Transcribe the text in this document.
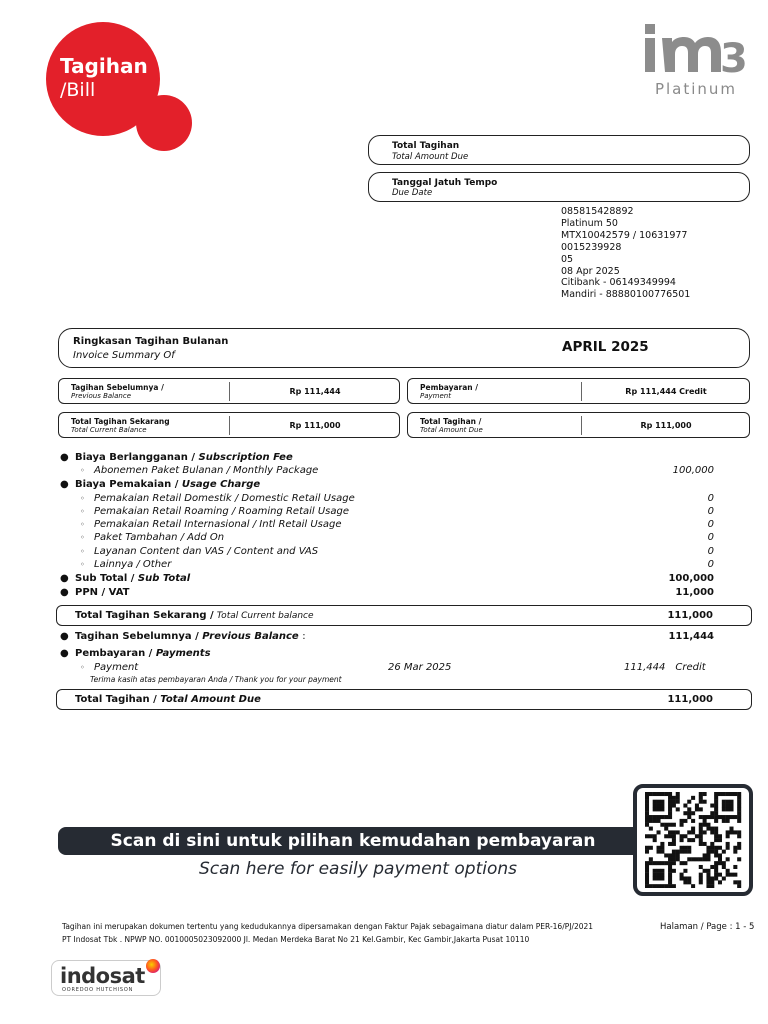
Tagihan
/Bill
3
Platinum
Total Tagihan
Total Amount Due
Tanggal Jatuh Tempo
Due Date
085815428892
Platinum 50
MTX10042579 / 10631977
0015239928
05
08 Apr 2025
Citibank - 06149349994
Mandiri - 88880100776501
Ringkasan Tagihan Bulanan
Invoice Summary Of
APRIL 2025
Tagihan Sebelumnya /
Previous Balance	Rp 111,444	Pembayaran /
Payment	Rp 111,444 Credit
Total Tagihan Sekarang
Total Current Balance	Rp 111,000	Total Tagihan /
Total Amount Due	Rp 111,000
● Biaya Berlangganan / Subscription Fee
◦ Abonemen Paket Bulanan / Monthly Package	100,000
● Biaya Pemakaian / Usage Charge
◦ Pemakaian Retail Domestik / Domestic Retail Usage	0
◦ Pemakaian Retail Roaming / Roaming Retail Usage	0
◦ Pemakaian Retail Internasional / Intl Retail Usage	0
◦ Paket Tambahan / Add On	0
◦ Layanan Content dan VAS / Content and VAS	0
◦ Lainnya / Other	0
● Sub Total / Sub Total	100,000
● PPN / VAT	11,000
Total Tagihan Sekarang / Total Current balance	111,000
● Tagihan Sebelumnya / Previous Balance :	111,444
● Pembayaran / Payments
◦ Payment	26 Mar 2025	111,444 Credit
Terima kasih atas pembayaran Anda / Thank you for your payment
Total Tagihan / Total Amount Due	111,000
Scan di sini untuk pilihan kemudahan pembayaran
Scan here for easily payment options
Tagihan ini merupakan dokumen tertentu yang kedudukannya dipersamakan dengan Faktur Pajak sebagaimana diatur dalam PER-16/PJ/2021
PT Indosat Tbk . NPWP NO. 0010005023092000 Jl. Medan Merdeka Barat No 21 Kel.Gambir, Kec Gambir,Jakarta Pusat 10110
Halaman / Page : 1 - 5
indosat
OOREDOO HUTCHISON
